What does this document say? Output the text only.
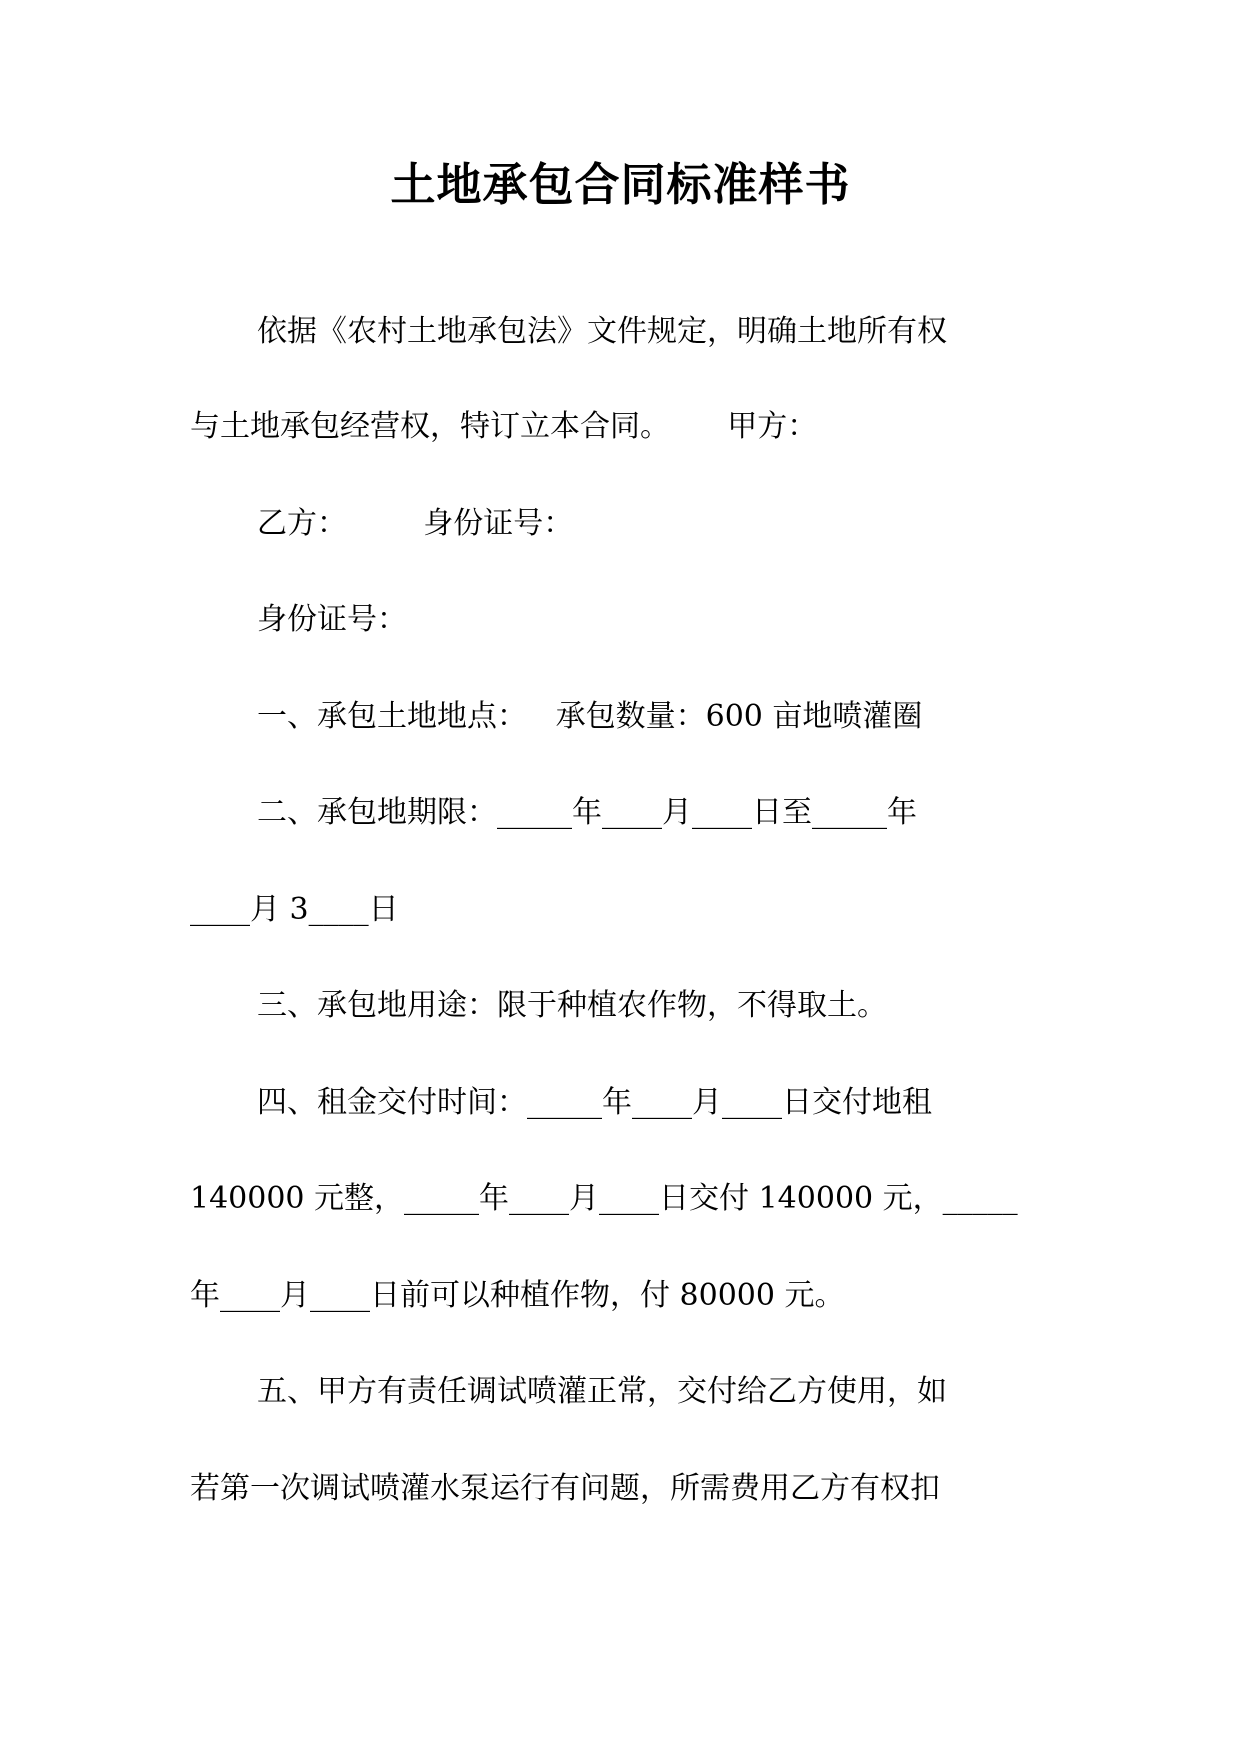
土地承包合同标准样书
依据《农村土地承包法》文件规定，明确土地所有权
与土地承包经营权，特订立本合同。      甲方：
乙方：        身份证号：
身份证号：
一、承包土地地点：   承包数量：600 亩地喷灌圈
二、承包地期限：_____年____月____日至_____年
____月 3____日
三、承包地用途：限于种植农作物，不得取土。
四、租金交付时间：_____年____月____日交付地租
140000 元整，_____年____月____日交付 140000 元，_____
年____月____日前可以种植作物，付 80000 元。
五、甲方有责任调试喷灌正常，交付给乙方使用，如
若第一次调试喷灌水泵运行有问题，所需费用乙方有权扣
